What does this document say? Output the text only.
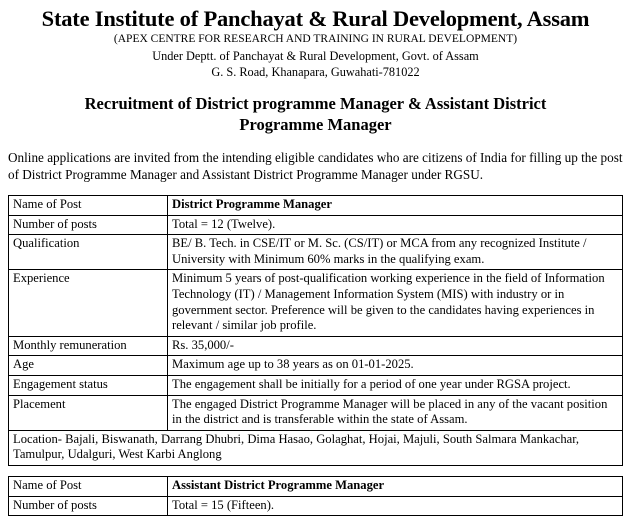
State Institute of Panchayat & Rural Development, Assam
(APEX CENTRE FOR RESEARCH AND TRAINING IN RURAL DEVELOPMENT)
Under Deptt. of Panchayat & Rural Development, Govt. of Assam
G. S. Road, Khanapara, Guwahati-781022
Recruitment of District programme Manager & Assistant District Programme Manager
Online applications are invited from the intending eligible candidates who are citizens of India for filling up the post of District Programme Manager and Assistant District Programme Manager under RGSU.
Name of Post	District Programme Manager
Number of posts	Total = 12 (Twelve).
Qualification	BE/ B. Tech. in CSE/IT or M. Sc. (CS/IT) or MCA from any recognized Institute / University with Minimum 60% marks in the qualifying exam.
Experience	Minimum 5 years of post-qualification working experience in the field of Information Technology (IT) / Management Information System (MIS) with industry or in government sector. Preference will be given to the candidates having experiences in relevant / similar job profile.
Monthly remuneration	Rs. 35,000/-
Age	Maximum age up to 38 years as on 01-01-2025.
Engagement status	The engagement shall be initially for a period of one year under RGSA project.
Placement	The engaged District Programme Manager will be placed in any of the vacant position in the district and is transferable within the state of Assam.
Location- Bajali, Biswanath, Darrang Dhubri, Dima Hasao, Golaghat, Hojai, Majuli, South Salmara Mankachar, Tamulpur, Udalguri, West Karbi Anglong	
Name of Post	Assistant District Programme Manager
Number of posts	Total = 15 (Fifteen).
